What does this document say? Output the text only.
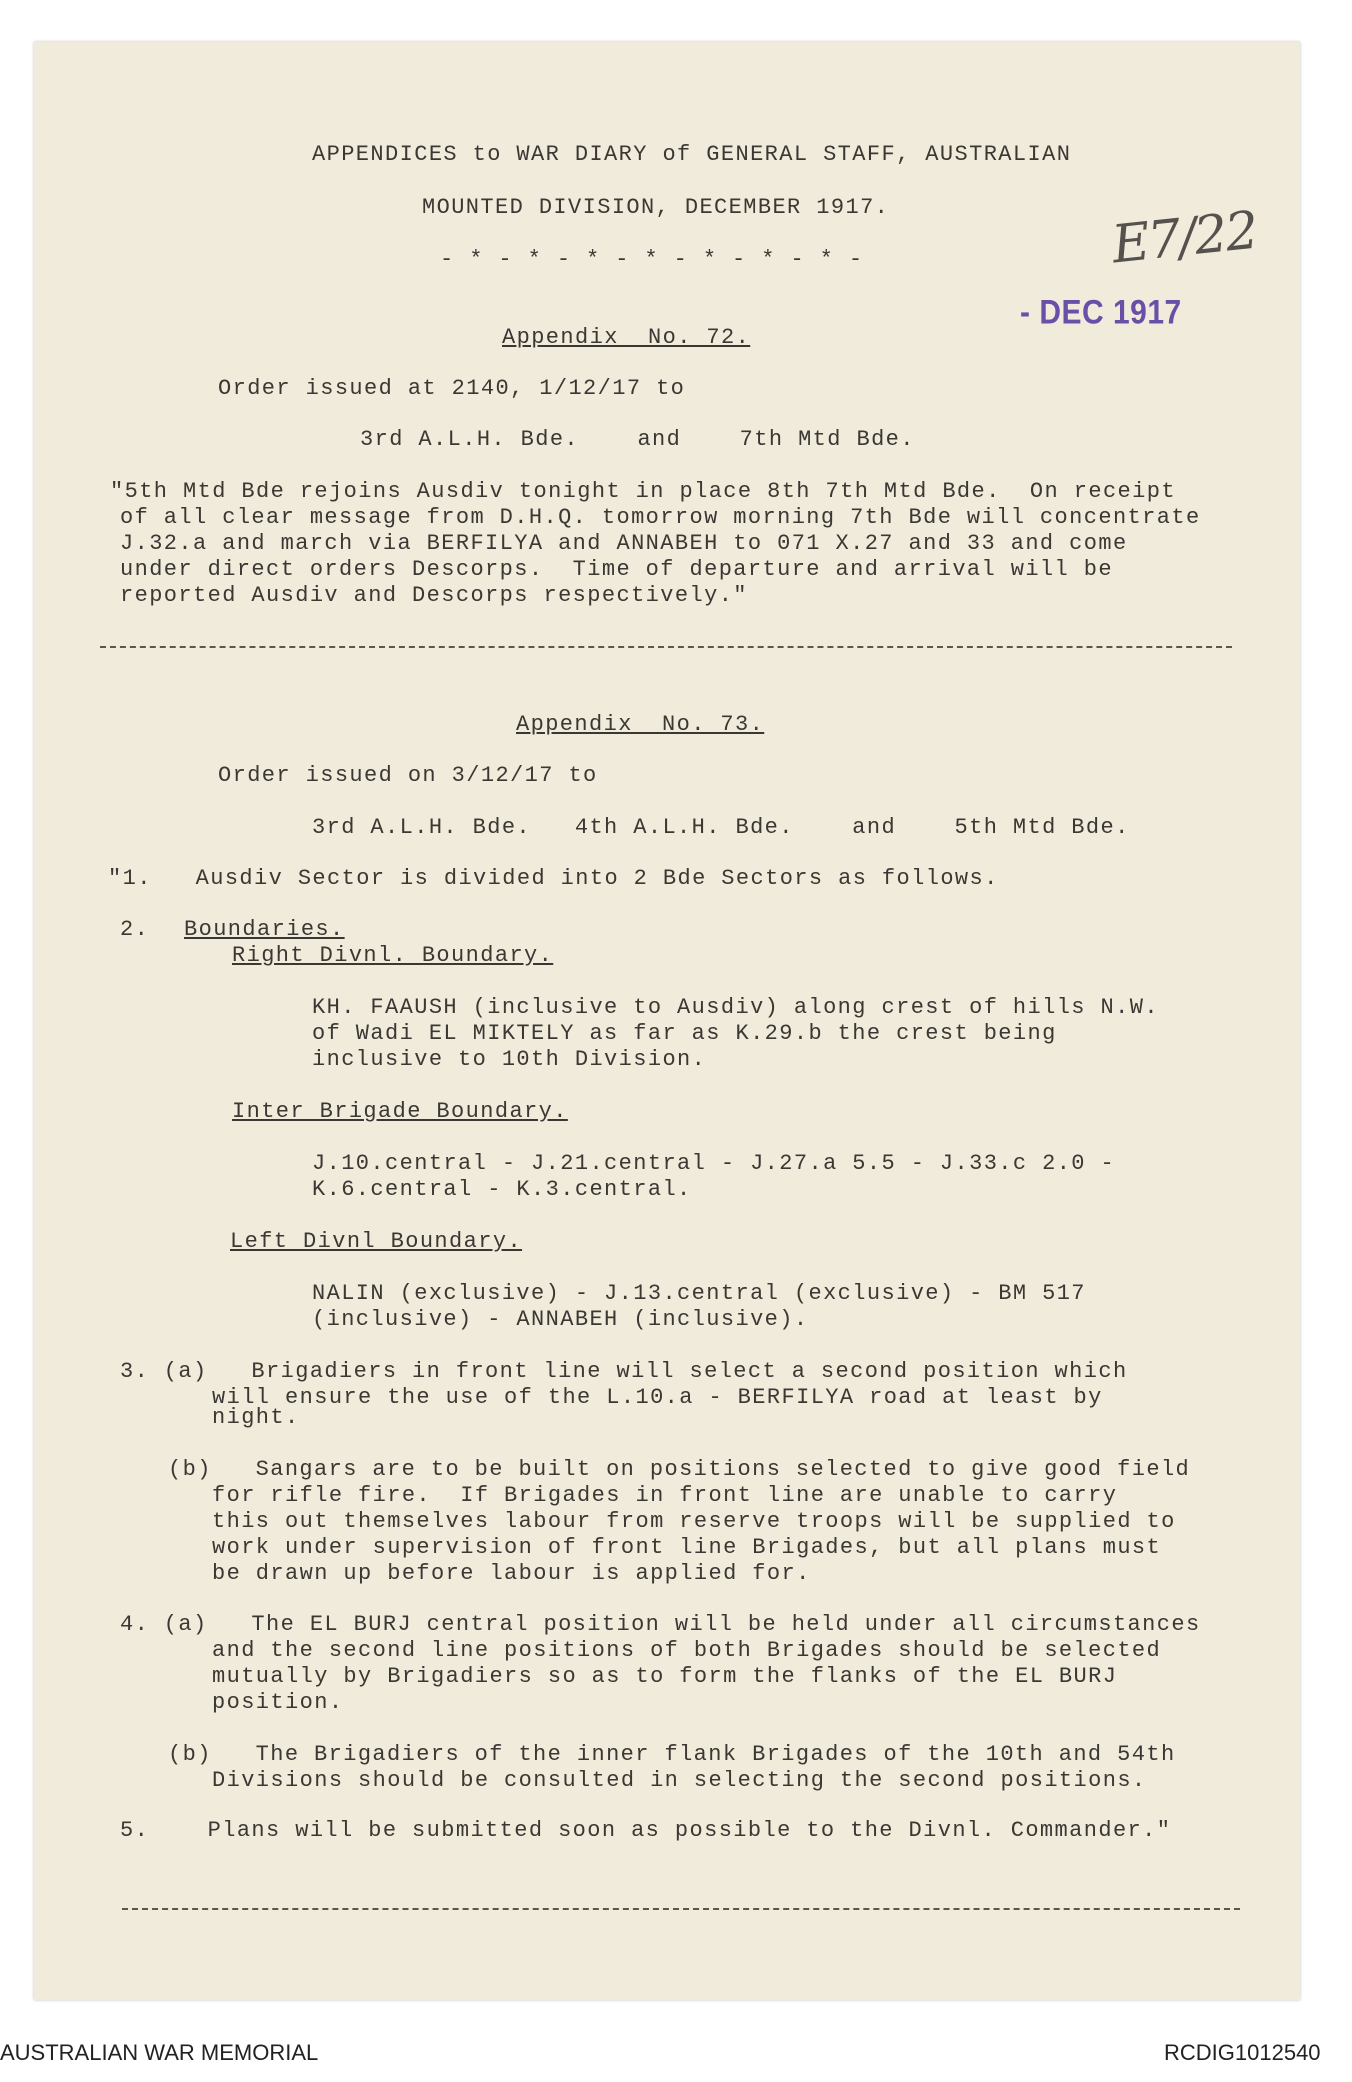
APPENDICES to WAR DIARY of GENERAL STAFF, AUSTRALIAN
MOUNTED DIVISION, DECEMBER 1917.
- * - * - * - * - * - * - * -	E7/22
- DEC 1917
Appendix  No. 72.
Order issued at 2140, 1/12/17 to
3rd A.L.H. Bde.    and    7th Mtd Bde.
"5th Mtd Bde rejoins Ausdiv tonight in place 8th 7th Mtd Bde.  On receipt
of all clear message from D.H.Q. tomorrow morning 7th Bde will concentrate
J.32.a and march via BERFILYA and ANNABEH to 071 X.27 and 33 and come
under direct orders Descorps.  Time of departure and arrival will be
reported Ausdiv and Descorps respectively."
Appendix  No. 73.
Order issued on 3/12/17 to
3rd A.L.H. Bde.   4th A.L.H. Bde.    and    5th Mtd Bde.
"1.   Ausdiv Sector is divided into 2 Bde Sectors as follows.
2. Boundaries.
Right Divnl. Boundary.
KH. FAAUSH (inclusive to Ausdiv) along crest of hills N.W.
of Wadi EL MIKTELY as far as K.29.b the crest being
inclusive to 10th Division.
Inter Brigade Boundary.
J.10.central - J.21.central - J.27.a 5.5 - J.33.c 2.0 -
K.6.central - K.3.central.
Left Divnl Boundary.
NALIN (exclusive) - J.13.central (exclusive) - BM 517
(inclusive) - ANNABEH (inclusive).
3. (a)   Brigadiers in front line will select a second position which
will ensure the use of the L.10.a - BERFILYA road at least by
night.
(b)   Sangars are to be built on positions selected to give good field
for rifle fire.  If Brigades in front line are unable to carry
this out themselves labour from reserve troops will be supplied to
work under supervision of front line Brigades, but all plans must
be drawn up before labour is applied for.
4. (a)   The EL BURJ central position will be held under all circumstances
and the second line positions of both Brigades should be selected
mutually by Brigadiers so as to form the flanks of the EL BURJ
position.
(b)   The Brigadiers of the inner flank Brigades of the 10th and 54th
Divisions should be consulted in selecting the second positions.
5.    Plans will be submitted soon as possible to the Divnl. Commander."
AUSTRALIAN WAR MEMORIAL	RCDIG1012540
